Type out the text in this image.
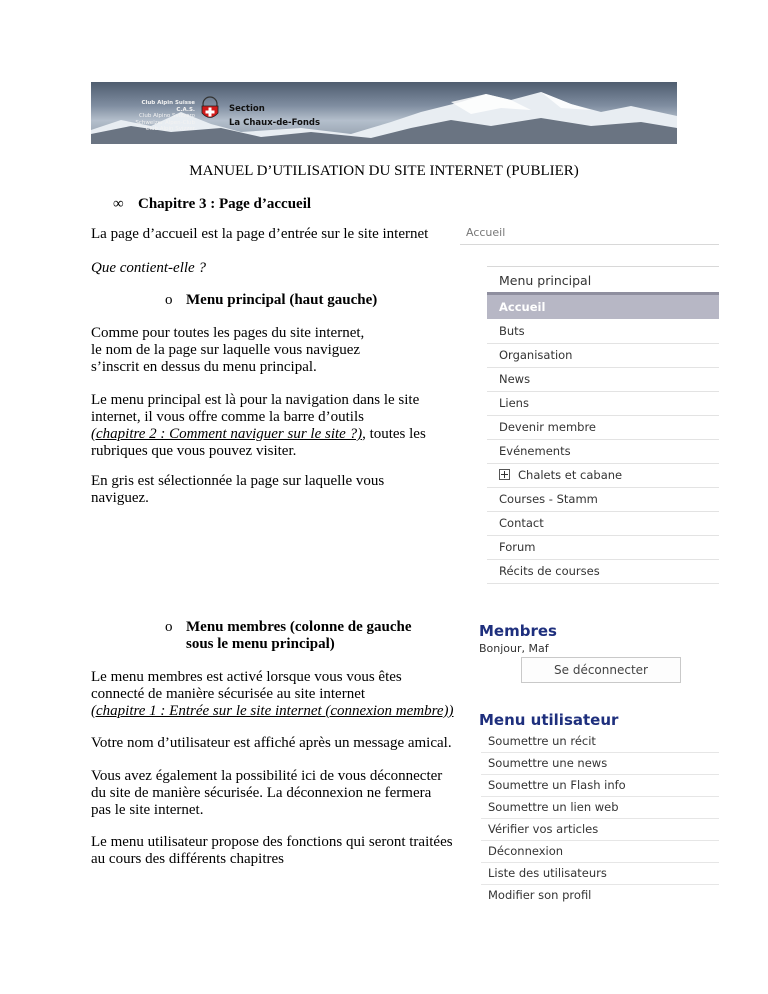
Club Alpin Suisse C.A.S.
Club Alpino Svizzero
Schweizer Alpen-Club
Club Alpin Svizzer
Section
La Chaux-de-Fonds
MANUEL D’UTILISATION DU SITE INTERNET (PUBLIER)
∞ Chapitre 3 : Page d’accueil
La page d’accueil est la page d’entrée sur le site internet
Que contient-elle ?
o Menu principal (haut gauche)
Comme pour toutes les pages du site internet,
le nom de la page sur laquelle vous naviguez
s’inscrit en dessus du menu principal.
Le menu principal est là pour la navigation dans le site
internet, il vous offre comme la barre d’outils
(chapitre 2 : Comment naviguer sur le site ?), toutes les
rubriques que vous pouvez visiter.
En gris est sélectionnée la page sur laquelle vous
naviguez.
o Menu membres (colonne de gauche
sous le menu principal)
Le menu membres est activé lorsque vous vous êtes
connecté de manière sécurisée au site internet
(chapitre 1 : Entrée sur le site internet (connexion membre))
Votre nom d’utilisateur est affiché après un message amical.
Vous avez également la possibilité ici de vous déconnecter
du site de manière sécurisée. La déconnexion ne fermera
pas le site internet.
Le menu utilisateur propose des fonctions qui seront traitées
au cours des différents chapitres
Accueil
Menu principal
Accueil
Buts
Organisation
News
Liens
Devenir membre
Evénements
Chalets et cabane
Courses - Stamm
Contact
Forum
Récits de courses
Membres
Bonjour, Maf
Se déconnecter
Menu utilisateur
Soumettre un récit
Soumettre une news
Soumettre un Flash info
Soumettre un lien web
Vérifier vos articles
Déconnexion
Liste des utilisateurs
Modifier son profil
